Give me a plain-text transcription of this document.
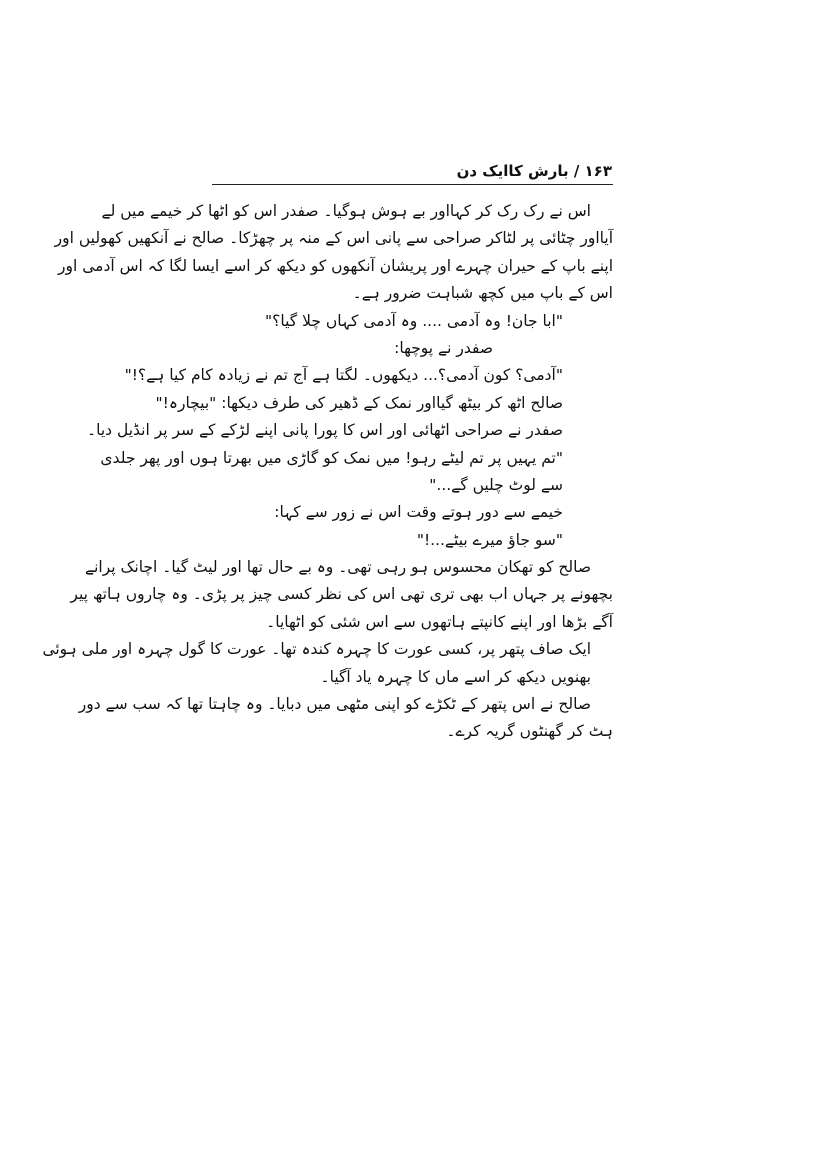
۱۶۳ / بارش کاایک دن
اس نے رک رک کر کہااور بے ہوش ہوگیا۔ صفدر اس کو اٹھا کر خیمے میں لے
آیااور چٹائی پر لٹاکر صراحی سے پانی اس کے منہ پر چھڑکا۔ صالح نے آنکھیں کھولیں اور
اپنے باپ کے حیران چہرے اور پریشان آنکھوں کو دیکھ کر اسے ایسا لگا کہ اس آدمی اور
اس کے باپ میں کچھ شباہت ضرور ہے۔
"ابا جان! وہ آدمی .... وہ آدمی کہاں چلا گیا؟"
صفدر نے پوچھا:
"آدمی؟ کون آدمی؟... دیکھوں۔ لگتا ہے آج تم نے زیادہ کام کیا ہے؟!"
صالح اٹھ کر بیٹھ گیااور نمک کے ڈھیر کی طرف دیکھا: "بیچارہ!"
صفدر نے صراحی اٹھائی اور اس کا پورا پانی اپنے لڑکے کے سر پر انڈیل دیا۔
"تم یہیں پر تم لیٹے رہو! میں نمک کو گاڑی میں بھرتا ہوں اور پھر جلدی
سے لوٹ چلیں گے..."
خیمے سے دور ہوتے وقت اس نے زور سے کہا:
"سو جاؤ میرے بیٹے...!"
صالح کو تھکان محسوس ہو رہی تھی۔ وہ بے حال تھا اور لیٹ گیا۔ اچانک پرانے
بچھونے پر جہاں اب بھی تری تھی اس کی نظر کسی چیز پر پڑی۔ وہ چاروں ہاتھ پیر
آگے بڑھا اور اپنے کانپتے ہاتھوں سے اس شئی کو اٹھایا۔
ایک صاف پتھر پر، کسی عورت کا چہرہ کندہ تھا۔ عورت کا گول چہرہ اور ملی ہوئی
بھنویں دیکھ کر اسے ماں کا چہرہ یاد آگیا۔
صالح نے اس پتھر کے ٹکڑے کو اپنی مٹھی میں دبایا۔ وہ چاہتا تھا کہ سب سے دور
ہٹ کر گھنٹوں گریہ کرے۔
